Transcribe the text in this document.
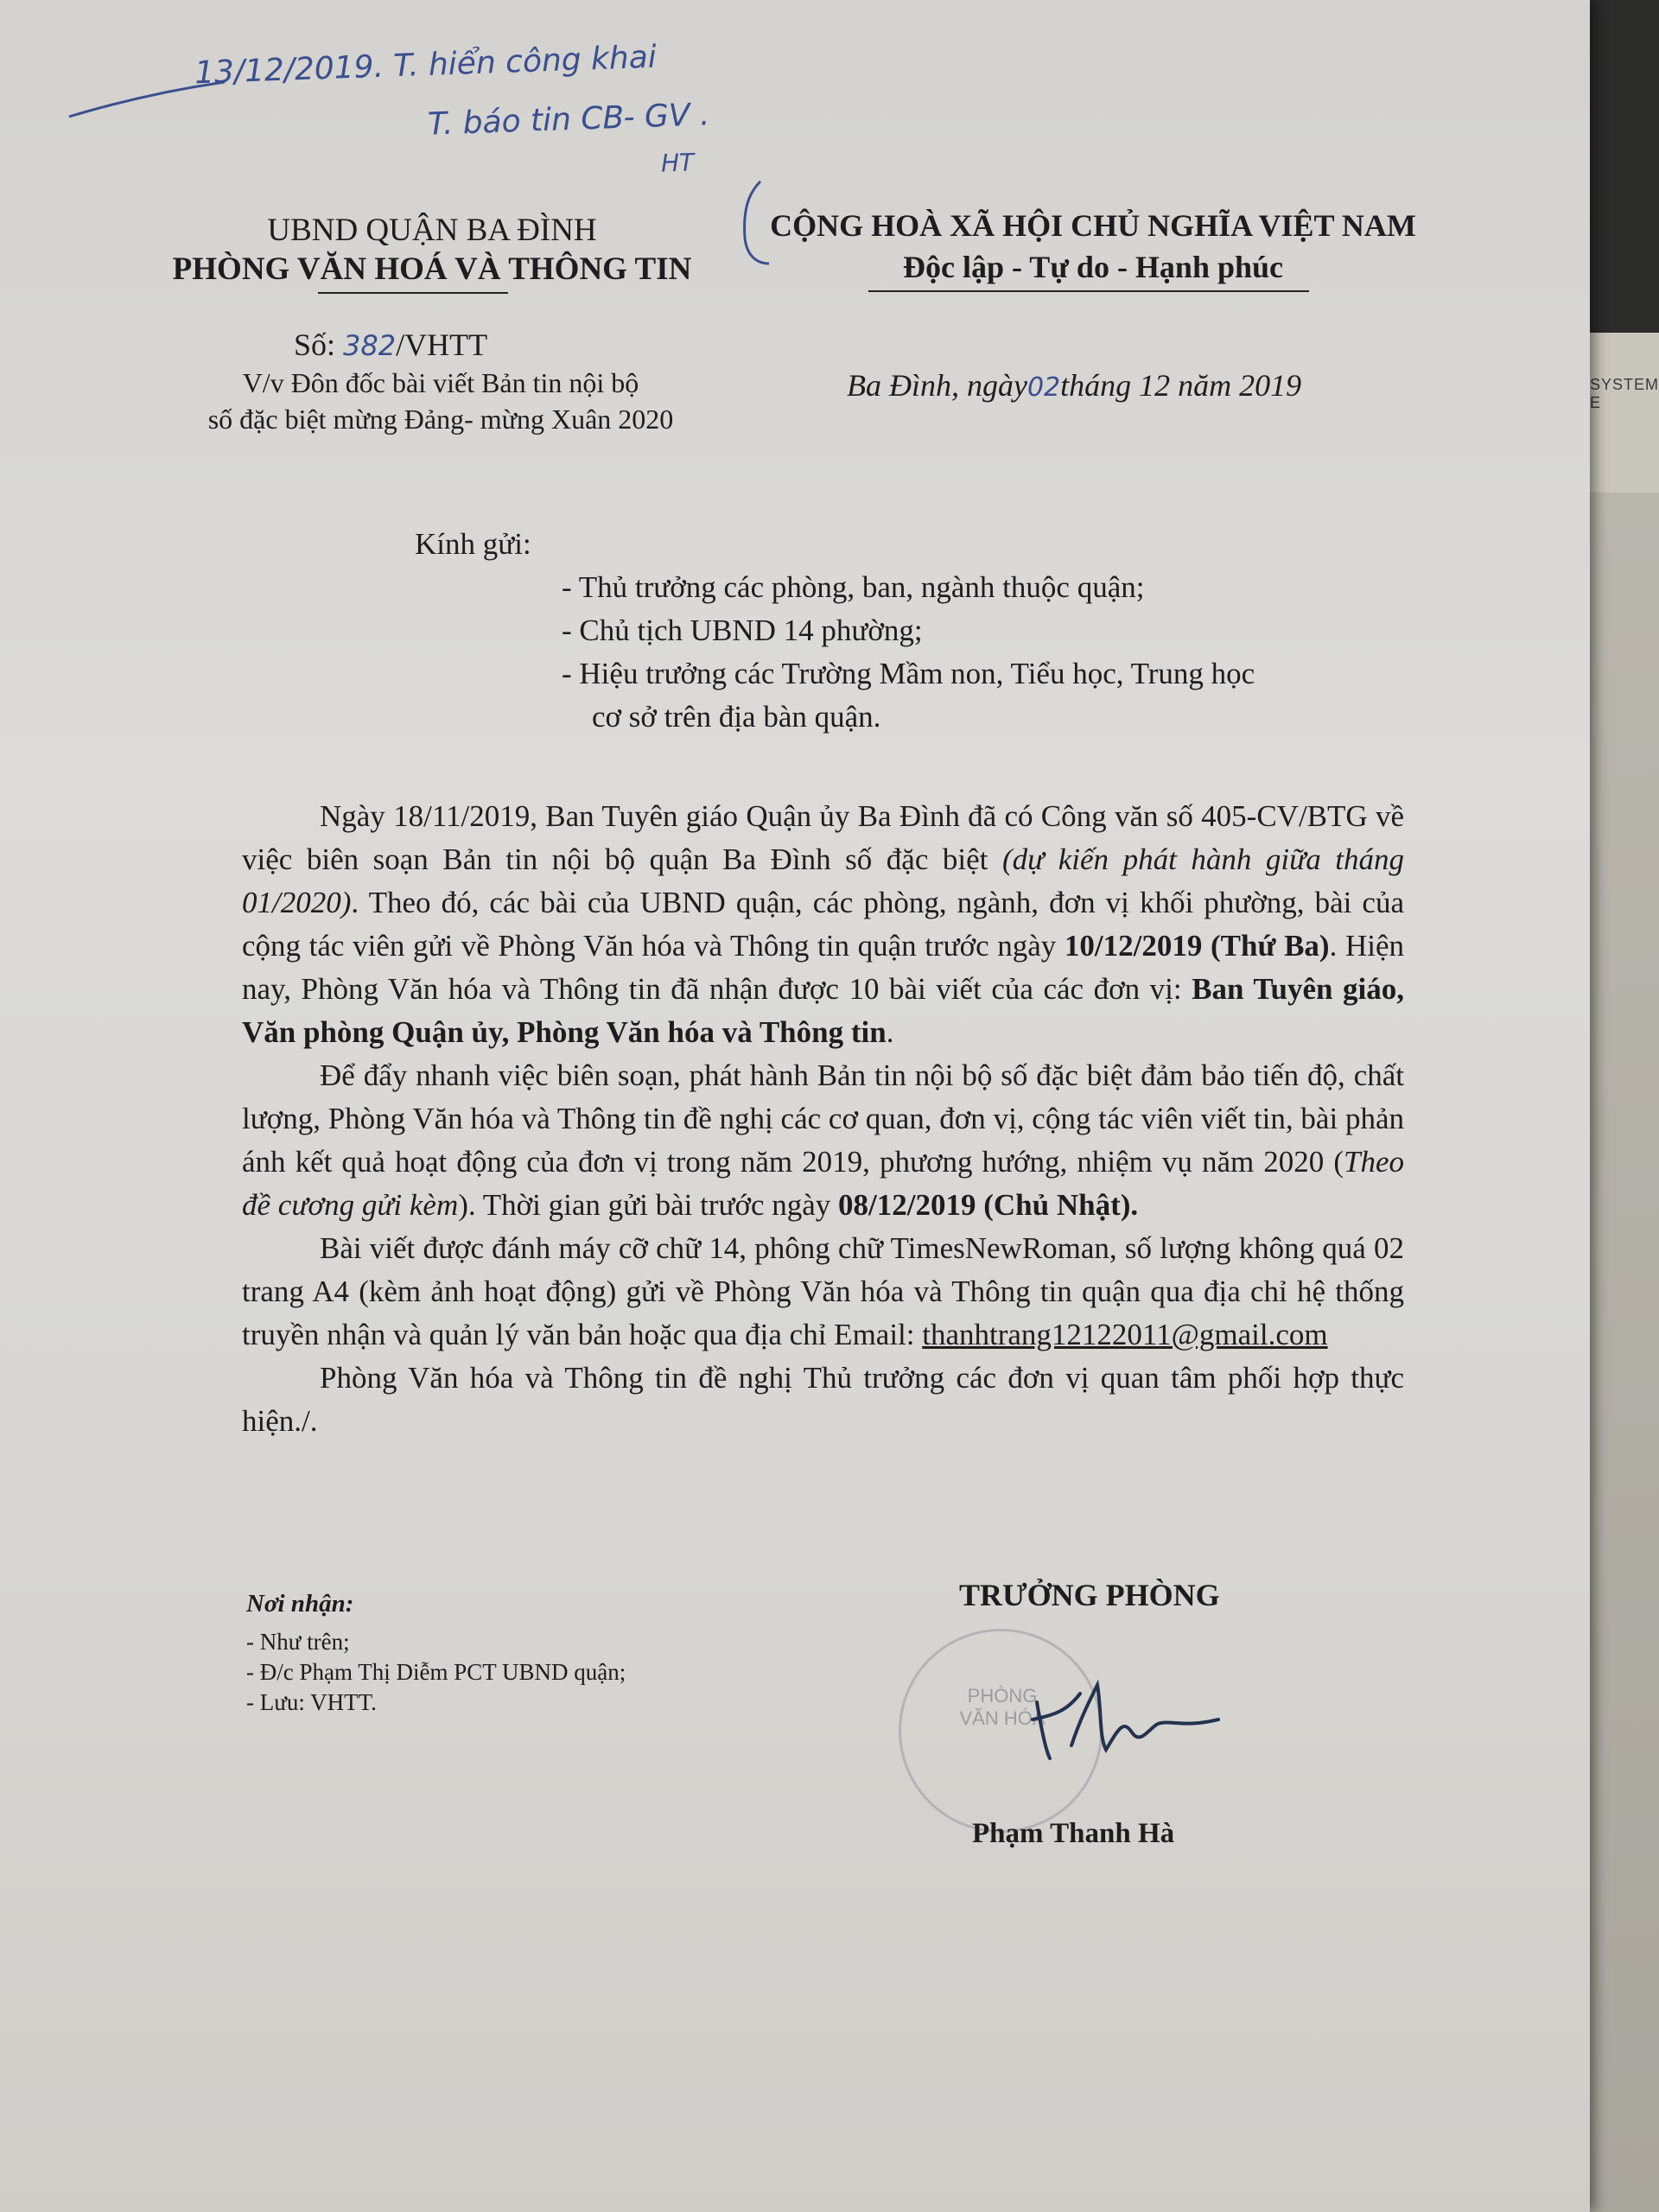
SYSTEM E
13/12/2019. T. hiển công khai
T. báo tin CB- GV .
HT
UBND QUẬN BA ĐÌNH
PHÒNG VĂN HOÁ VÀ THÔNG TIN
CỘNG HOÀ XÃ HỘI CHỦ NGHĨA VIỆT NAM
Độc lập - Tự do - Hạnh phúc
Số: 382/VHTT
V/v Đôn đốc bài viết Bản tin nội bộ
số đặc biệt mừng Đảng- mừng Xuân 2020
Ba Đình, ngày02tháng 12 năm 2019
Kính gửi:
- Thủ trưởng các phòng, ban, ngành thuộc quận;
- Chủ tịch UBND 14 phường;
- Hiệu trưởng các Trường Mầm non, Tiểu học, Trung học
cơ sở trên địa bàn quận.

Ngày 18/11/2019, Ban Tuyên giáo Quận ủy Ba Đình đã có Công văn số 405-CV/BTG về việc biên soạn Bản tin nội bộ quận Ba Đình số đặc biệt (dự kiến phát hành giữa tháng 01/2020). Theo đó, các bài của UBND quận, các phòng, ngành, đơn vị khối phường, bài của cộng tác viên gửi về Phòng Văn hóa và Thông tin quận trước ngày 10/12/2019 (Thứ Ba). Hiện nay, Phòng Văn hóa và Thông tin đã nhận được 10 bài viết của các đơn vị: Ban Tuyên giáo, Văn phòng Quận ủy, Phòng Văn hóa và Thông tin.

Để đẩy nhanh việc biên soạn, phát hành Bản tin nội bộ số đặc biệt đảm bảo tiến độ, chất lượng, Phòng Văn hóa và Thông tin đề nghị các cơ quan, đơn vị, cộng tác viên viết tin, bài phản ánh kết quả hoạt động của đơn vị trong năm 2019, phương hướng, nhiệm vụ năm 2020 (Theo đề cương gửi kèm). Thời gian gửi bài trước ngày 08/12/2019 (Chủ Nhật).

Bài viết được đánh máy cỡ chữ 14, phông chữ TimesNewRoman, số lượng không quá 02 trang A4 (kèm ảnh hoạt động) gửi về Phòng Văn hóa và Thông tin quận qua địa chỉ hệ thống truyền nhận và quản lý văn bản hoặc qua địa chỉ Email: thanhtrang12122011@gmail.com

Phòng Văn hóa và Thông tin đề nghị Thủ trưởng các đơn vị quan tâm phối hợp thực hiện./.

Nơi nhận:
- Như trên;
- Đ/c Phạm Thị Diễm PCT UBND quận;
- Lưu: VHTT.
TRƯỞNG PHÒNG
PHÒNG VĂN HÓA
Phạm Thanh Hà
